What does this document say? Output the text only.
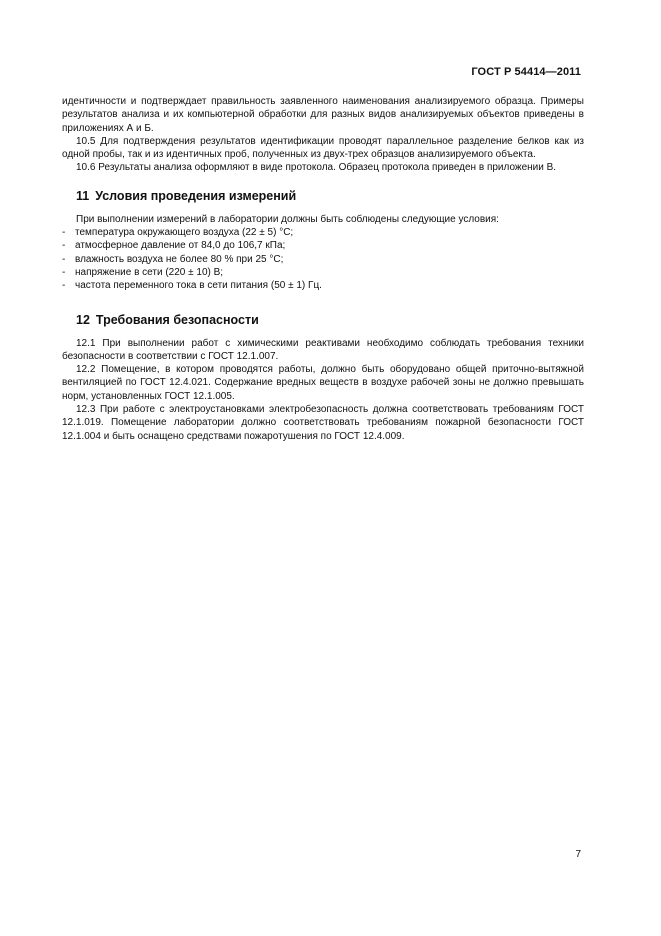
ГОСТ Р 54414—2011

идентичности и подтверждает правильность заявленного наименования анализируемого образца. Примеры результатов анализа и их компьютерной обработки для разных видов анализируемых объектов приведены в приложениях А и Б.

10.5 Для подтверждения результатов идентификации проводят параллельное разделение белков как из одной пробы, так и из идентичных проб, полученных из двух-трех образцов анализируемого объекта.

10.6 Результаты анализа оформляют в виде протокола. Образец протокола приведен в приложении В.

11 Условия проведения измерений

При выполнении измерений в лаборатории должны быть соблюдены следующие условия:

- температура окружающего воздуха (22 ± 5) °С;
- атмосферное давление от 84,0 до 106,7 кПа;
- влажность воздуха не более 80 % при 25 °С;
- напряжение в сети (220 ± 10) В;
- частота переменного тока в сети питания (50 ± 1) Гц.
12 Требования безопасности

12.1 При выполнении работ с химическими реактивами необходимо соблюдать требования техники безопасности в соответствии с ГОСТ 12.1.007.

12.2 Помещение, в котором проводятся работы, должно быть оборудовано общей приточно-вытяжной вентиляцией по ГОСТ 12.4.021. Содержание вредных веществ в воздухе рабочей зоны не должно превышать норм, установленных ГОСТ 12.1.005.

12.3 При работе с электроустановками электробезопасность должна соответствовать требованиям ГОСТ 12.1.019. Помещение лаборатории должно соответствовать требованиям пожарной безопасности ГОСТ 12.1.004 и быть оснащено средствами пожаротушения по ГОСТ 12.4.009.

7
